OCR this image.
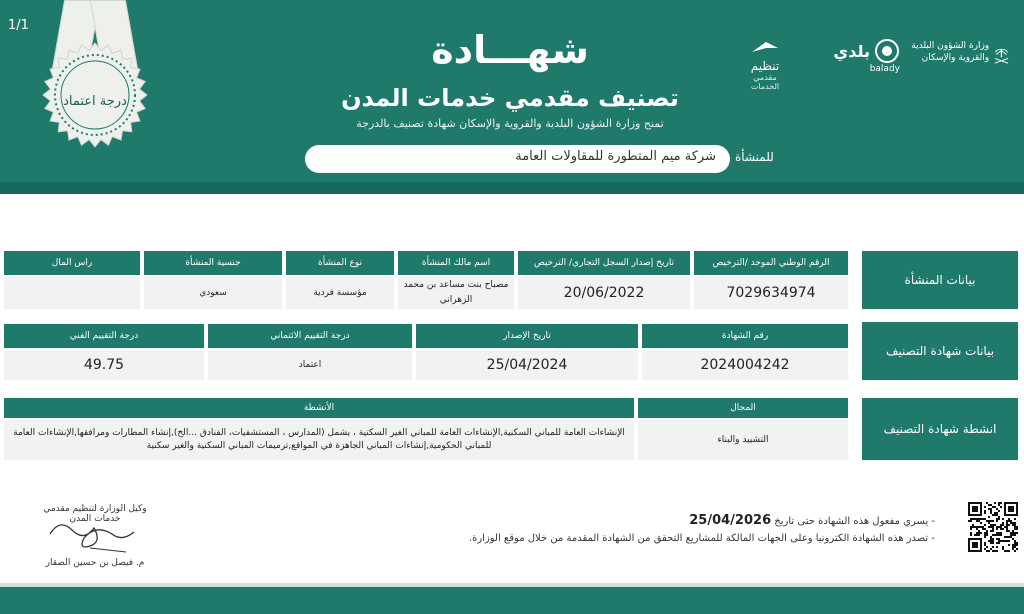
1/1
درجة اعتماد
شهـــادة
تصنيف مقدمي خدمات المدن
تمنح وزارة الشؤون البلدية والقروية والإسكان شهادة تصنيف بالدرجة
للمنشأة
شركة ميم المتطورة للمقاولات العامة
تنظيم
مقدمي الخدمات
بلدي
balady
وزارة الشؤون البلدية والقروية والإسكان
بيانات المنشأة
الرقم الوطني الموحد /الترخيص
تاريخ إصدار السجل التجاري/ الترخيص
اسم مالك المنشأة
نوع المنشأة
جنسية المنشأة
راس المال
7029634974
20/06/2022
مصباح بنت مساعد بن محمد الزهراني
مؤسسة فردية
سعودي
بيانات شهادة التصنيف
رقم الشهادة
تاريخ الإصدار
درجة التقييم الائتماني
درجة التقييم الفني
2024004242
25/04/2024
اعتماد
49.75
انشطة شهادة التصنيف
المجال
الأنشطة
التشييد والبناء
الإنشاءات العامة للمباني السكنية,الإنشاءات العامة للمباني الغير السكنية ، يشمل (المدارس ، المستشفيات، الفنادق ...الخ),إنشاء المطارات ومرافقها,الإنشاءات العامة للمباني الحكومية,إنشاءات المباني الجاهزة في المواقع,ترميمات المباني السكنية والغير سكنية
وكيل الوزارة لتنظيم مقدمي خدمات المدن
م. فيصل بن حسين الصقار
- يسري مفعول هذه الشهادة حتى تاريخ 25/04/2026
- تصدر هذه الشهادة الكترونيا وعلى الجهات المالكة للمشاريع التحقق من الشهادة المقدمة من خلال موقع الوزارة.
